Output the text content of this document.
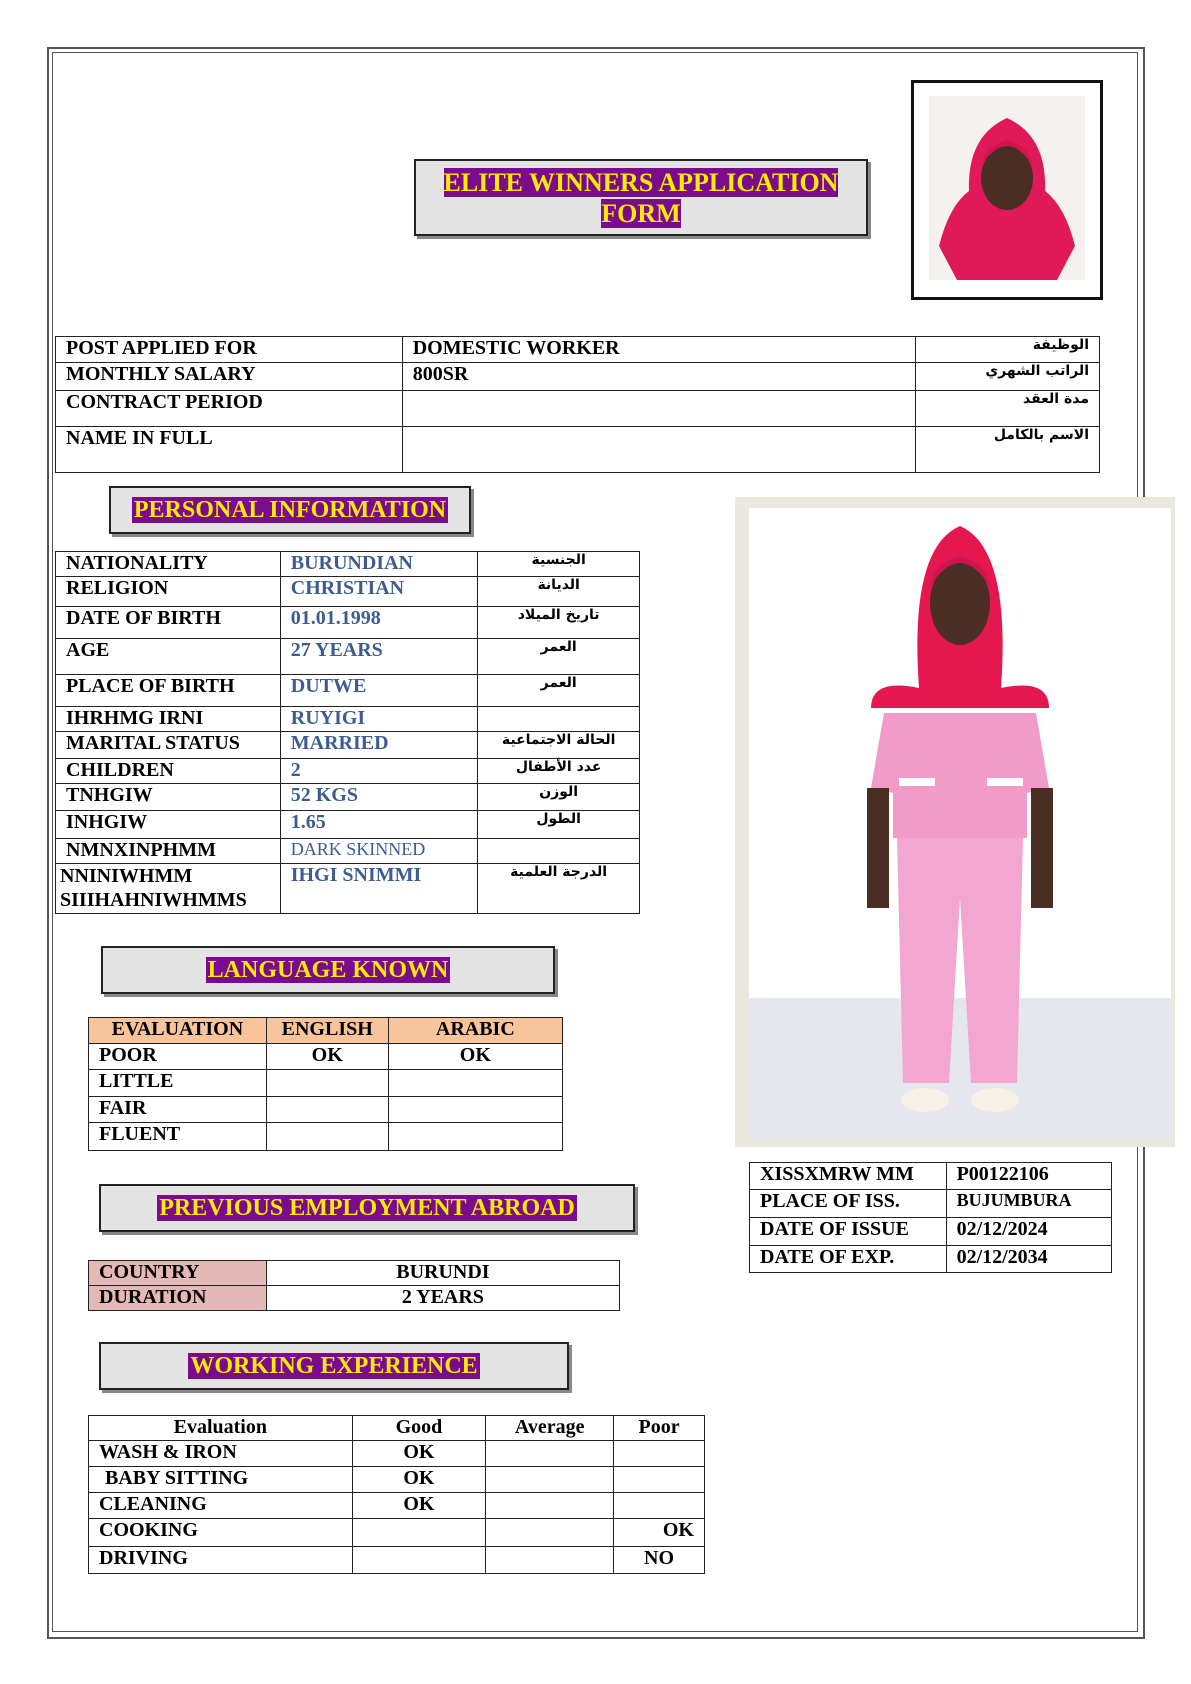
ELITE WINNERS APPLICATION
FORM
POST APPLIED FOR	DOMESTIC WORKER	الوظيفة
MONTHLY SALARY	800SR	الراتب الشهري
CONTRACT PERIOD		مدة العقد
NAME IN FULL		الاسم بالكامل
PERSONAL INFORMATION
NATIONALITY	BURUNDIAN	الجنسية
RELIGION	CHRISTIAN	الديانة
DATE OF BIRTH	01.01.1998	تاريخ الميلاد
AGE	27 YEARS	العمر
PLACE OF BIRTH	DUTWE	العمر
IHRHMG IRNI	RUYIGI	
MARITAL STATUS	MARRIED	الحالة الاجتماعية
CHILDREN	2	عدد الأطفال
TNHGIW	52 KGS	الوزن
INHGIW	1.65	الطول
NMNXINPHMM	DARK SKINNED	
NNINIWHMM SIIIHAHNIWHMMS	IHGI SNIMMI	الدرجة العلمية
LANGUAGE KNOWN
EVALUATION	ENGLISH	ARABIC
POOR	OK	OK
LITTLE		
FAIR		
FLUENT		
XISSXMRW MM	P00122106
PLACE OF ISS.	BUJUMBURA
DATE OF ISSUE	02/12/2024
DATE OF EXP.	02/12/2034
PREVIOUS EMPLOYMENT ABROAD
COUNTRY	BURUNDI
DURATION	2 YEARS
WORKING EXPERIENCE
Evaluation	Good	Average	Poor
WASH & IRON	OK		
BABY SITTING	OK		
CLEANING	OK		
COOKING			OK
DRIVING			NO
